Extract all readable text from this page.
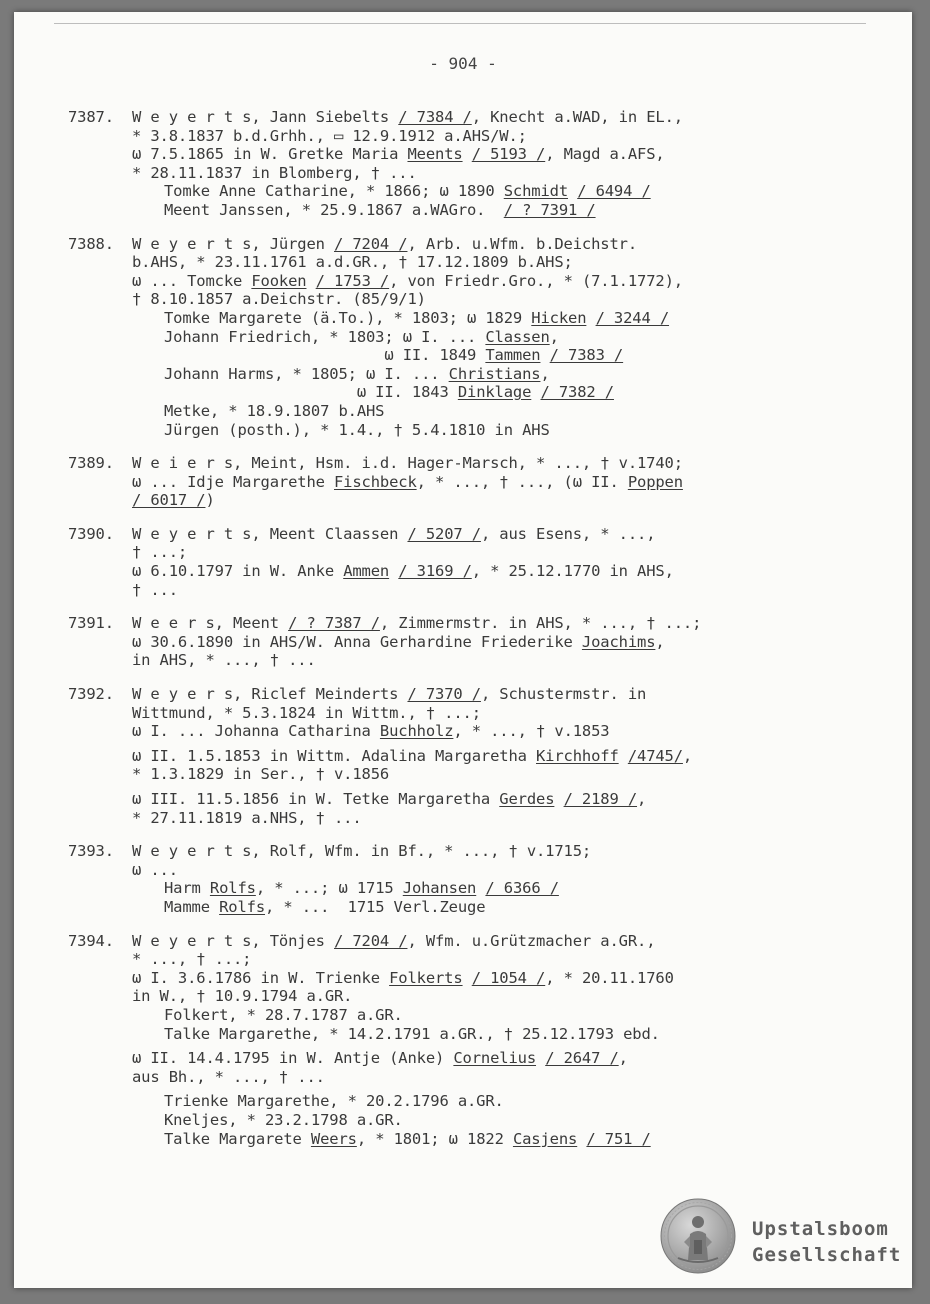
- 904 -
7387. W e y e r t s, Jann Siebelts / 7384 /, Knecht a.WAD, in EL.,
* 3.8.1837 b.d.Grhh., ▭ 12.9.1912 a.AHS/W.;
ω 7.5.1865 in W. Gretke Maria Meents / 5193 /, Magd a.AFS,
* 28.11.1837 in Blomberg, † ...
Tomke Anne Catharine, * 1866; ω 1890 Schmidt / 6494 /
Meent Janssen, * 25.9.1867 a.WAGro.  / ? 7391 /
7388. W e y e r t s, Jürgen / 7204 /, Arb. u.Wfm. b.Deichstr.
b.AHS, * 23.11.1761 a.d.GR., † 17.12.1809 b.AHS;
ω ... Tomcke Fooken / 1753 /, von Friedr.Gro., * (7.1.1772),
† 8.10.1857 a.Deichstr. (85/9/1)
Tomke Margarete (ä.To.), * 1803; ω 1829 Hicken / 3244 /
Johann Friedrich, * 1803; ω I. ... Classen,
ω II. 1849 Tammen / 7383 /
Johann Harms, * 1805; ω I. ... Christians,
ω II. 1843 Dinklage / 7382 /
Metke, * 18.9.1807 b.AHS
Jürgen (posth.), * 1.4., † 5.4.1810 in AHS
7389. W e i e r s, Meint, Hsm. i.d. Hager-Marsch, * ..., † v.1740;
ω ... Idje Margarethe Fischbeck, * ..., † ..., (ω II. Poppen
/ 6017 /)
7390. W e y e r t s, Meent Claassen / 5207 /, aus Esens, * ...,
† ...;
ω 6.10.1797 in W. Anke Ammen / 3169 /, * 25.12.1770 in AHS,
† ...
7391. W e e r s, Meent / ? 7387 /, Zimmermstr. in AHS, * ..., † ...;
ω 30.6.1890 in AHS/W. Anna Gerhardine Friederike Joachims,
in AHS, * ..., † ...
7392. W e y e r s, Riclef Meinderts / 7370 /, Schustermstr. in
Wittmund, * 5.3.1824 in Wittm., † ...;
ω I. ... Johanna Catharina Buchholz, * ..., † v.1853
ω II. 1.5.1853 in Wittm. Adalina Margaretha Kirchhoff /4745/,
* 1.3.1829 in Ser., † v.1856
ω III. 11.5.1856 in W. Tetke Margaretha Gerdes / 2189 /,
* 27.11.1819 a.NHS, † ...
7393. W e y e r t s, Rolf, Wfm. in Bf., * ..., † v.1715;
ω ...
Harm Rolfs, * ...; ω 1715 Johansen / 6366 /
Mamme Rolfs, * ...  1715 Verl.Zeuge
7394. W e y e r t s, Tönjes / 7204 /, Wfm. u.Grützmacher a.GR.,
* ..., † ...;
ω I. 3.6.1786 in W. Trienke Folkerts / 1054 /, * 20.11.1760
in W., † 10.9.1794 a.GR.
Folkert, * 28.7.1787 a.GR.
Talke Margarethe, * 14.2.1791 a.GR., † 25.12.1793 ebd.
ω II. 14.4.1795 in W. Antje (Anke) Cornelius / 2647 /,
aus Bh., * ..., † ...
Trienke Margarethe, * 20.2.1796 a.GR.
Kneljes, * 23.2.1798 a.GR.
Talke Margarete Weers, * 1801; ω 1822 Casjens / 751 /
Upstalsboom
Gesellschaft
